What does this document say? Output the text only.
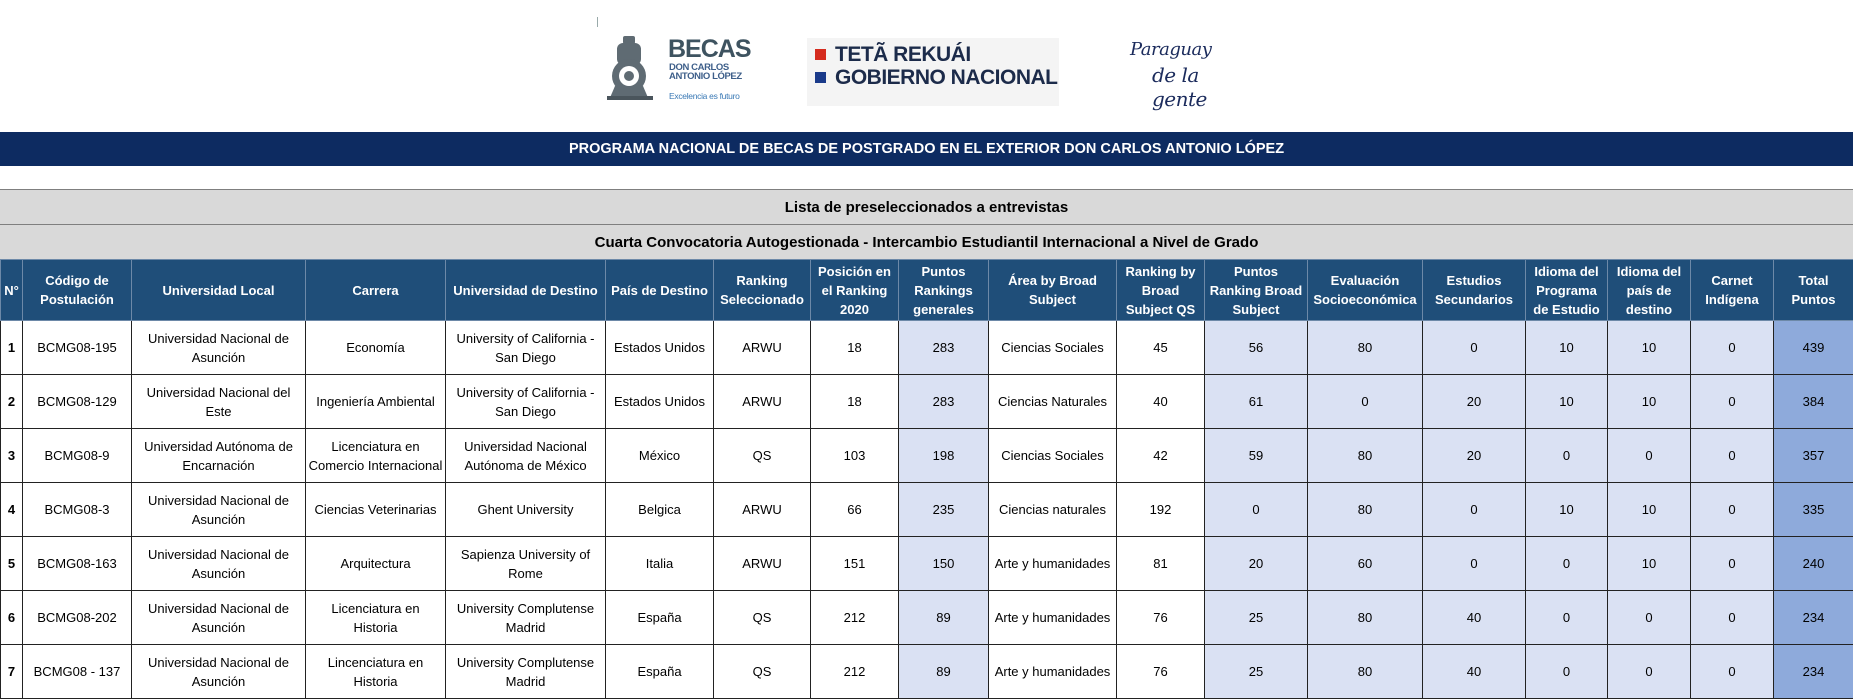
BECAS
DON CARLOS
ANTONIO LÓPEZ
Excelencia es futuro
TETÃ REKUÁI
GOBIERNO NACIONAL
Paraguay
de la gente
PROGRAMA NACIONAL DE BECAS DE POSTGRADO EN EL EXTERIOR DON CARLOS ANTONIO LÓPEZ
Lista de preseleccionados a entrevistas
Cuarta Convocatoria Autogestionada - Intercambio Estudiantil Internacional a Nivel de Grado
N°	Código de Postulación	Universidad Local	Carrera	Universidad de Destino	País de Destino	Ranking Seleccionado	Posición en el Ranking 2020	Puntos Rankings generales	Área by Broad Subject	Ranking by Broad Subject QS	Puntos Ranking Broad Subject	Evaluación Socioeconómica	Estudios Secundarios	Idioma del Programa de Estudio	Idioma del país de destino	Carnet Indígena	Total Puntos
1	BCMG08-195	Universidad Nacional de Asunción	Economía	University of California - San Diego	Estados Unidos	ARWU	18	283	Ciencias Sociales	45	56	80	0	10	10	0	439
2	BCMG08-129	Universidad Nacional del Este	Ingeniería Ambiental	University of California - San Diego	Estados Unidos	ARWU	18	283	Ciencias Naturales	40	61	0	20	10	10	0	384
3	BCMG08-9	Universidad Autónoma de Encarnación	Licenciatura en Comercio Internacional	Universidad Nacional Autónoma de México	México	QS	103	198	Ciencias Sociales	42	59	80	20	0	0	0	357
4	BCMG08-3	Universidad Nacional de Asunción	Ciencias Veterinarias	Ghent University	Belgica	ARWU	66	235	Ciencias naturales	192	0	80	0	10	10	0	335
5	BCMG08-163	Universidad Nacional de Asunción	Arquitectura	Sapienza University of Rome	Italia	ARWU	151	150	Arte y humanidades	81	20	60	0	0	10	0	240
6	BCMG08-202	Universidad Nacional de Asunción	Licenciatura en Historia	University Complutense Madrid	España	QS	212	89	Arte y humanidades	76	25	80	40	0	0	0	234
7	BCMG08 - 137	Universidad Nacional de Asunción	Lincenciatura en Historia	University Complutense Madrid	España	QS	212	89	Arte y humanidades	76	25	80	40	0	0	0	234
